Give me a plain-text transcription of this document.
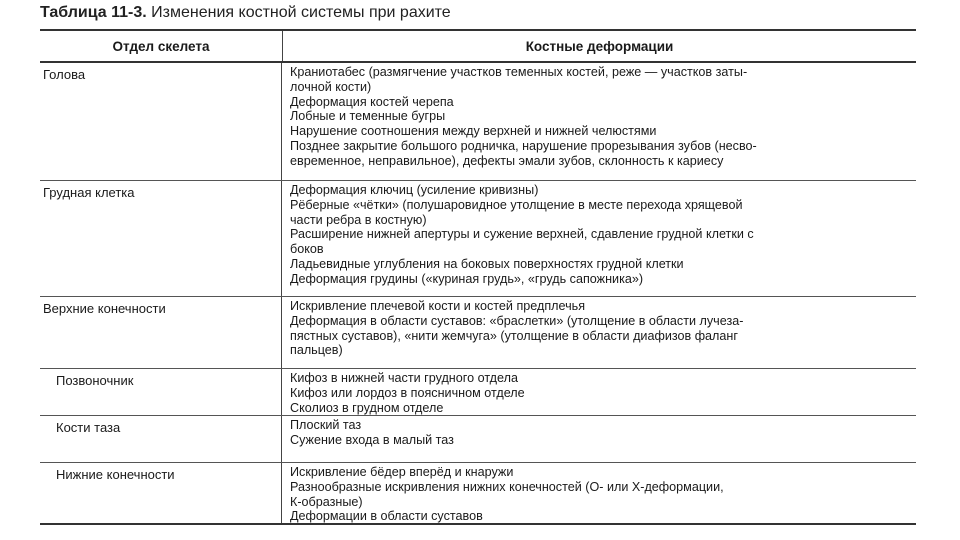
Таблица 11-3. Изменения костной системы при рахите
Отдел скелета	Костные деформации
Голова	Краниотабес (размягчение участков теменных костей, реже — участков заты-
лочной кости)
Деформация костей черепа
Лобные и теменные бугры
Нарушение соотношения между верхней и нижней челюстями
Позднее закрытие большого родничка, нарушение прорезывания зубов (несво-
евременное, неправильное), дефекты эмали зубов, склонность к кариесу
Грудная клетка	Деформация ключиц (усиление кривизны)
Рёберные «чётки» (полушаровидное утолщение в месте перехода хрящевой
части ребра в костную)
Расширение нижней апертуры и сужение верхней, сдавление грудной клетки с
боков
Ладьевидные углубления на боковых поверхностях грудной клетки
Деформация грудины («куриная грудь», «грудь сапожника»)
Верхние конечности	Искривление плечевой кости и костей предплечья
Деформация в области суставов: «браслетки» (утолщение в области лучеза-
пястных суставов), «нити жемчуга» (утолщение в области диафизов фаланг
пальцев)
Позвоночник	Кифоз в нижней части грудного отдела
Кифоз или лордоз в поясничном отделе
Сколиоз в грудном отделе
Кости таза	Плоский таз
Сужение входа в малый таз
Нижние конечности	Искривление бёдер вперёд и кнаружи
Разнообразные искривления нижних конечностей (О- или Х-деформации,
К-образные)
Деформации в области суставов
